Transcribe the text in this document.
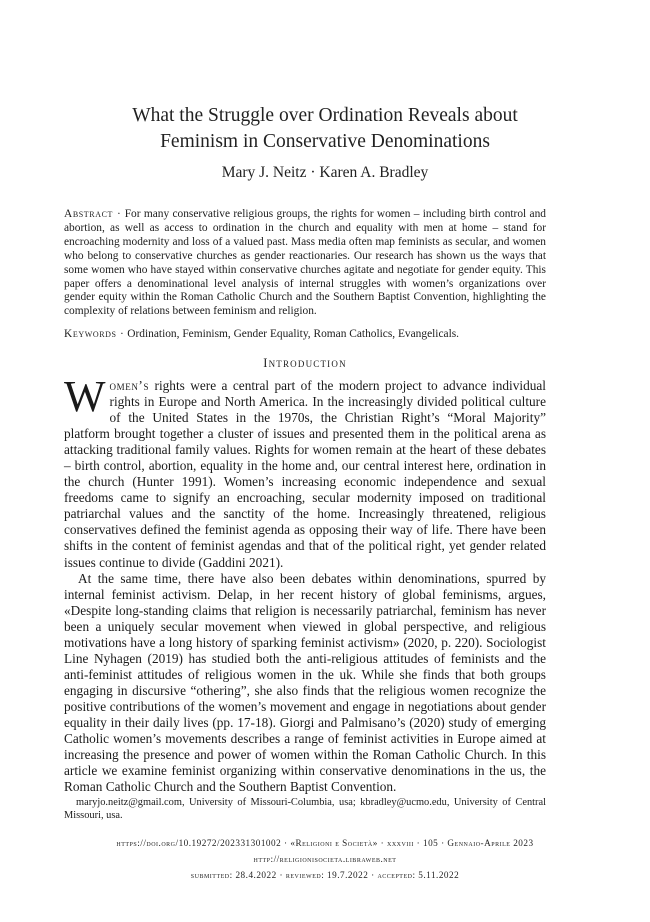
What the Struggle over Ordination Reveals about
Feminism in Conservative Denominations
Mary J. Neitz · Karen A. Bradley
Abstract · For many conservative religious groups, the rights for women – including birth control and abortion, as well as access to ordination in the church and equality with men at home – stand for encroaching modernity and loss of a valued past. Mass media often map feminists as secular, and women who belong to conservative churches as gender reactionaries. Our research has shown us the ways that some women who have stayed within conservative churches agitate and negotiate for gender equity. This paper offers a denominational level analysis of internal struggles with women’s organizations over gender equity within the Roman Catholic Church and the Southern Baptist Convention, highlighting the complexity of relations between feminism and religion.
Keywords · Ordination, Feminism, Gender Equality, Roman Catholics, Evangelicals.
Introduction

Women’s rights were a central part of the modern project to advance individual rights in Europe and North America. In the increasingly divided political culture of the United States in the 1970s, the Christian Right’s “Moral Majority” platform brought together a cluster of issues and presented them in the political arena as attacking traditional family values. Rights for women remain at the heart of these debates – birth control, abortion, equality in the home and, our central interest here, ordination in the church (Hunter 1991). Women’s increasing economic independence and sexual freedoms came to signify an encroaching, secular modernity imposed on traditional patriarchal values and the sanctity of the home. Increasingly threatened, religious conservatives defined the feminist agenda as opposing their way of life. There have been shifts in the content of feminist agendas and that of the political right, yet gender related issues continue to divide (Gaddini 2021).

At the same time, there have also been debates within denominations, spurred by internal feminist activism. Delap, in her recent history of global feminisms, argues, «Despite long-standing claims that religion is necessarily patriarchal, feminism has never been a uniquely secular movement when viewed in global perspective, and religious motivations have a long history of sparking feminist activism» (2020, p. 220). Sociologist Line Nyhagen (2019) has studied both the anti-religious attitudes of feminists and the anti-feminist attitudes of religious women in the uk. While she finds that both groups engaging in discursive “othering”, she also finds that the religious women recognize the positive contributions of the women’s movement and engage in negotiations about gender equality in their daily lives (pp. 17-18). Giorgi and Palmisano’s (2020) study of emerging Catholic women’s movements describes a range of feminist activities in Europe aimed at increasing the presence and power of women within the Roman Catholic Church. In this article we examine feminist organizing within conservative denominations in the us, the Roman Catholic Church and the Southern Baptist Convention.

maryjo.neitz@gmail.com, University of Missouri-Columbia, usa; kbradley@ucmo.edu, University of Central Missouri, usa.
https://doi.org/10.19272/202331301002 · «Religioni e Società» · xxxviii · 105 · Gennaio-Aprile 2023
http://religionisocieta.libraweb.net
submitted: 28.4.2022 · reviewed: 19.7.2022 · accepted: 5.11.2022
